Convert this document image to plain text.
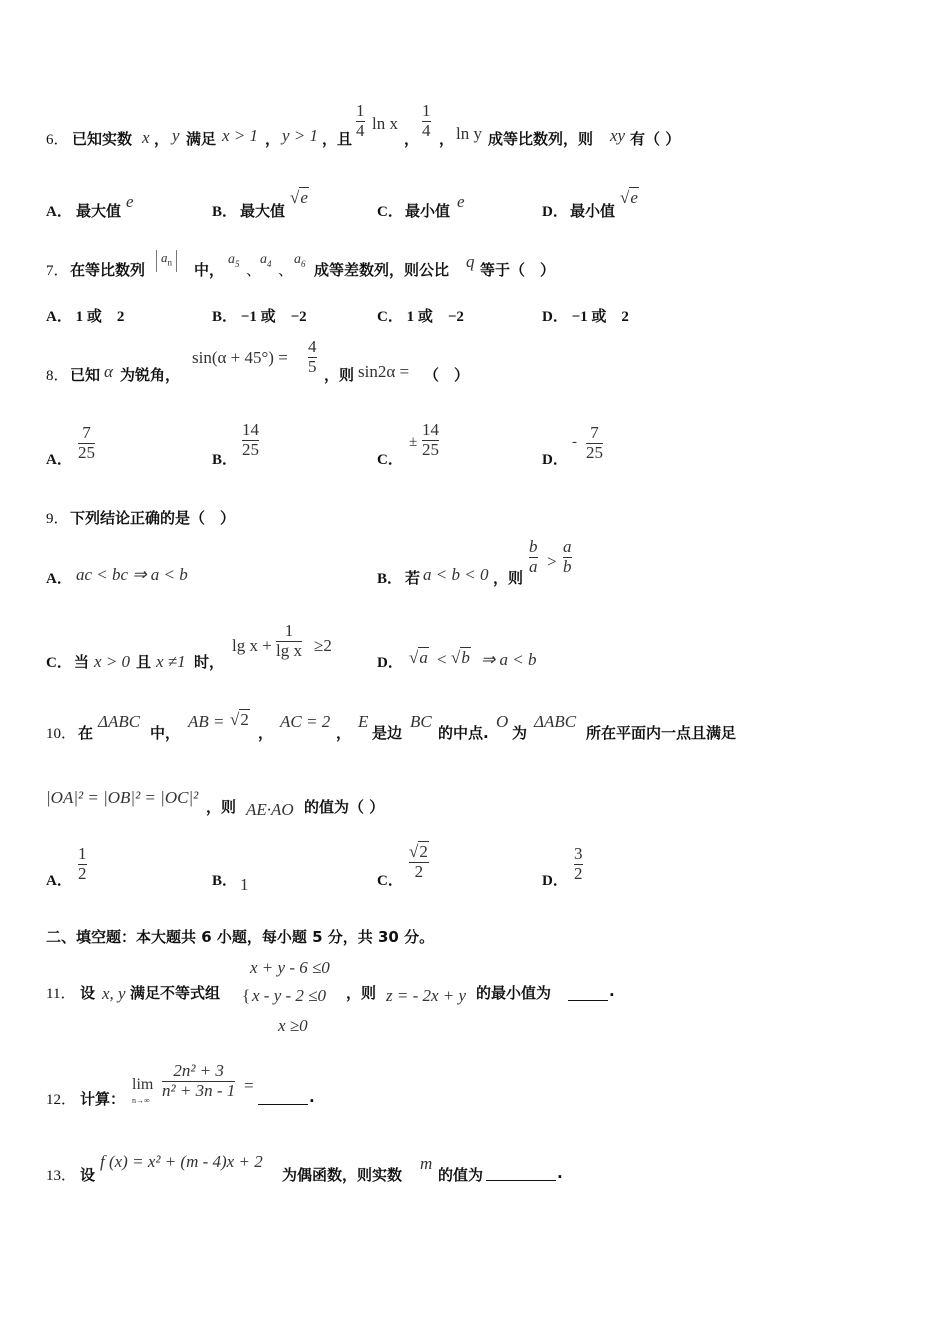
6． 已知实数 x ， y 满足 x > 1 ， y > 1 ，且
1
4 ln x
，
1
4 ， ln y 成等比数列，则 xy 有（ ）
A． 最大值 e
B． 最大值
√e
C． 最小值 e
D． 最小值
√e
7． 在等比数列
$a_n$	中，
$a_5$ 、
$a_4$ 、
$a_6$ 成等差数列，则公比 q 等于（　）
A． 1 或　2	B． −1 或　−2	C． 1 或　−2	D． −1 或　2
8． 已知 α 为锐角，
sin(α + 45°) =
4
5 ，则 sin2α = （　）
A．
7
25	B．
14
25
C．
±
14
25
D．
- 7
25
9． 下列结论正确的是（　）
A． ac < bc ⇒ a < b	B． 若 a < b < 0 ，则
b
a >
a
b
C． 当 x > 0 且 x ≠1 时，
lg x +
1
lg x ≥2
D． √a < √b ⇒ a < b
10． 在
ΔABC
中，
AB = √2
，
AC = 2
，
E
是边
BC
的中点.
O
为
ΔABC
所在平面内一点且满足
|OA|² = |OB|² = |OC|² ，则 AE·AO 的值为（ ）
A．
1
2	B． 1	C．
√2
2
D．
3
2
二、填空题：本大题共 6 小题，每小题 5 分，共 30 分。
11． 设 x, y 满足不等式组
x + y - 6 ≤0
{ x - y - 2 ≤0
x ≥0
，则 z = - 2x + y 的最小值为	.
12． 计算：
lim
n→∞
2n² + 3
n² + 3n - 1 =
.
13． 设
f (x) = x² + (m - 4)x + 2
为偶函数，则实数
m
的值为	.
